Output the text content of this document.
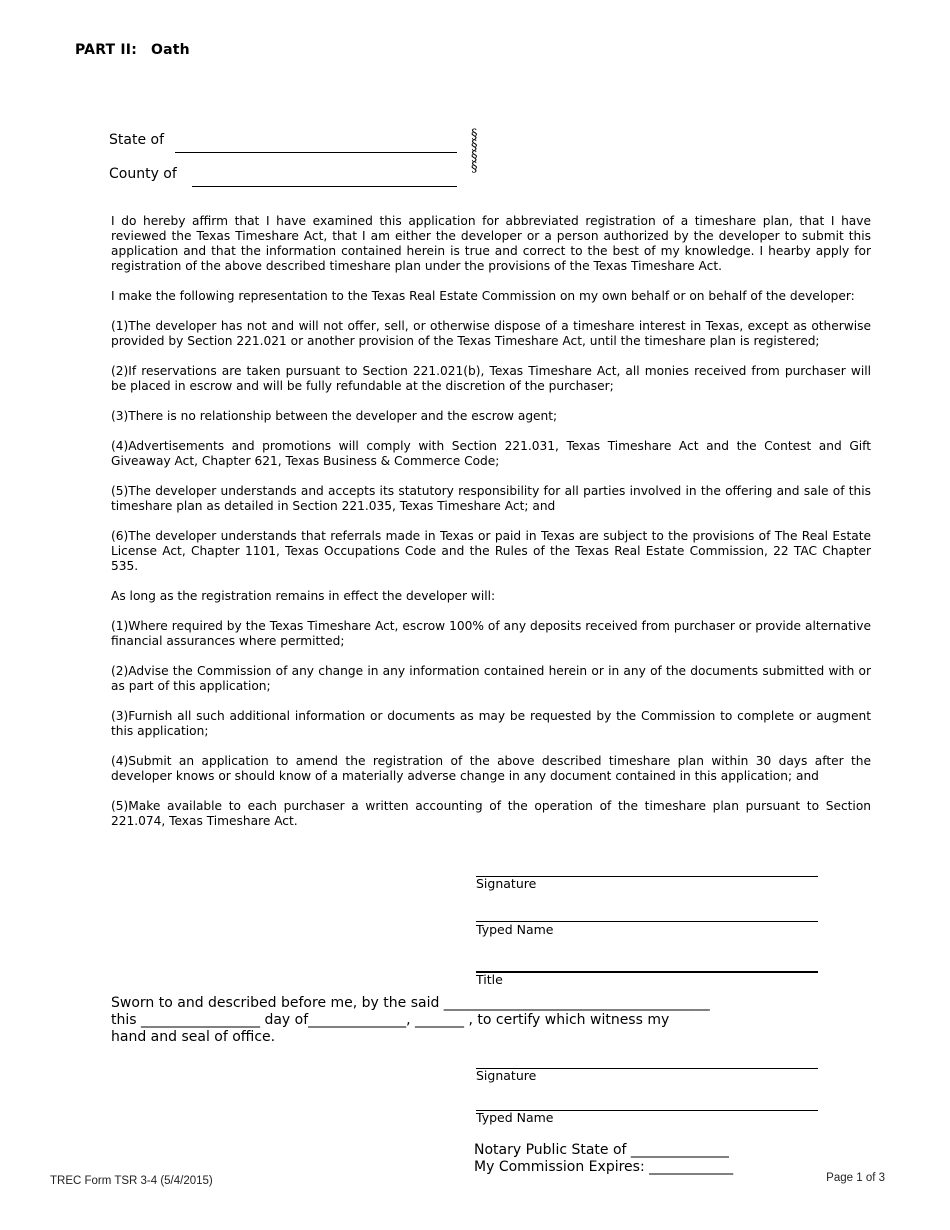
PART II: Oath
State of
County of
§
§
§
§

I do hereby affirm that I have examined this application for abbreviated registration of a timeshare plan, that I have reviewed the Texas Timeshare Act, that I am either the developer or a person authorized by the developer to submit this application and that the information contained herein is true and correct to the best of my knowledge. I hearby apply for registration of the above described timeshare plan under the provisions of the Texas Timeshare Act.

I make the following representation to the Texas Real Estate Commission on my own behalf or on behalf of the developer:

(1)The developer has not and will not offer, sell, or otherwise dispose of a timeshare interest in Texas, except as otherwise provided by Section 221.021 or another provision of the Texas Timeshare Act, until the timeshare plan is registered;

(2)If reservations are taken pursuant to Section 221.021(b), Texas Timeshare Act, all monies received from purchaser will be placed in escrow and will be fully refundable at the discretion of the purchaser;

(3)There is no relationship between the developer and the escrow agent;

(4)Advertisements and promotions will comply with Section 221.031, Texas Timeshare Act and the Contest and Gift Giveaway Act, Chapter 621, Texas Business & Commerce Code;

(5)The developer understands and accepts its statutory responsibility for all parties involved in the offering and sale of this timeshare plan as detailed in Section 221.035, Texas Timeshare Act; and

(6)The developer understands that referrals made in Texas or paid in Texas are subject to the provisions of The Real Estate License Act, Chapter 1101, Texas Occupations Code and the Rules of the Texas Real Estate Commission, 22 TAC Chapter 535.

As long as the registration remains in effect the developer will:

(1)Where required by the Texas Timeshare Act, escrow 100% of any deposits received from purchaser or provide alternative financial assurances where permitted;

(2)Advise the Commission of any change in any information contained herein or in any of the documents submitted with or as part of this application;

(3)Furnish all such additional information or documents as may be requested by the Commission to complete or augment this application;

(4)Submit an application to amend the registration of the above described timeshare plan within 30 days after the developer knows or should know of a materially adverse change in any document contained in this application; and

(5)Make available to each purchaser a written accounting of the operation of the timeshare plan pursuant to Section 221.074, Texas Timeshare Act.

Signature
Typed Name
Title
Sworn to and described before me, by the said ______________________________________
this _________________ day of______________, _______ , to certify which witness my
hand and seal of office.
Signature
Typed Name
Notary Public State of ______________
My Commission Expires: ____________
TREC Form TSR 3-4 (5/4/2015)	Page 1 of 3
